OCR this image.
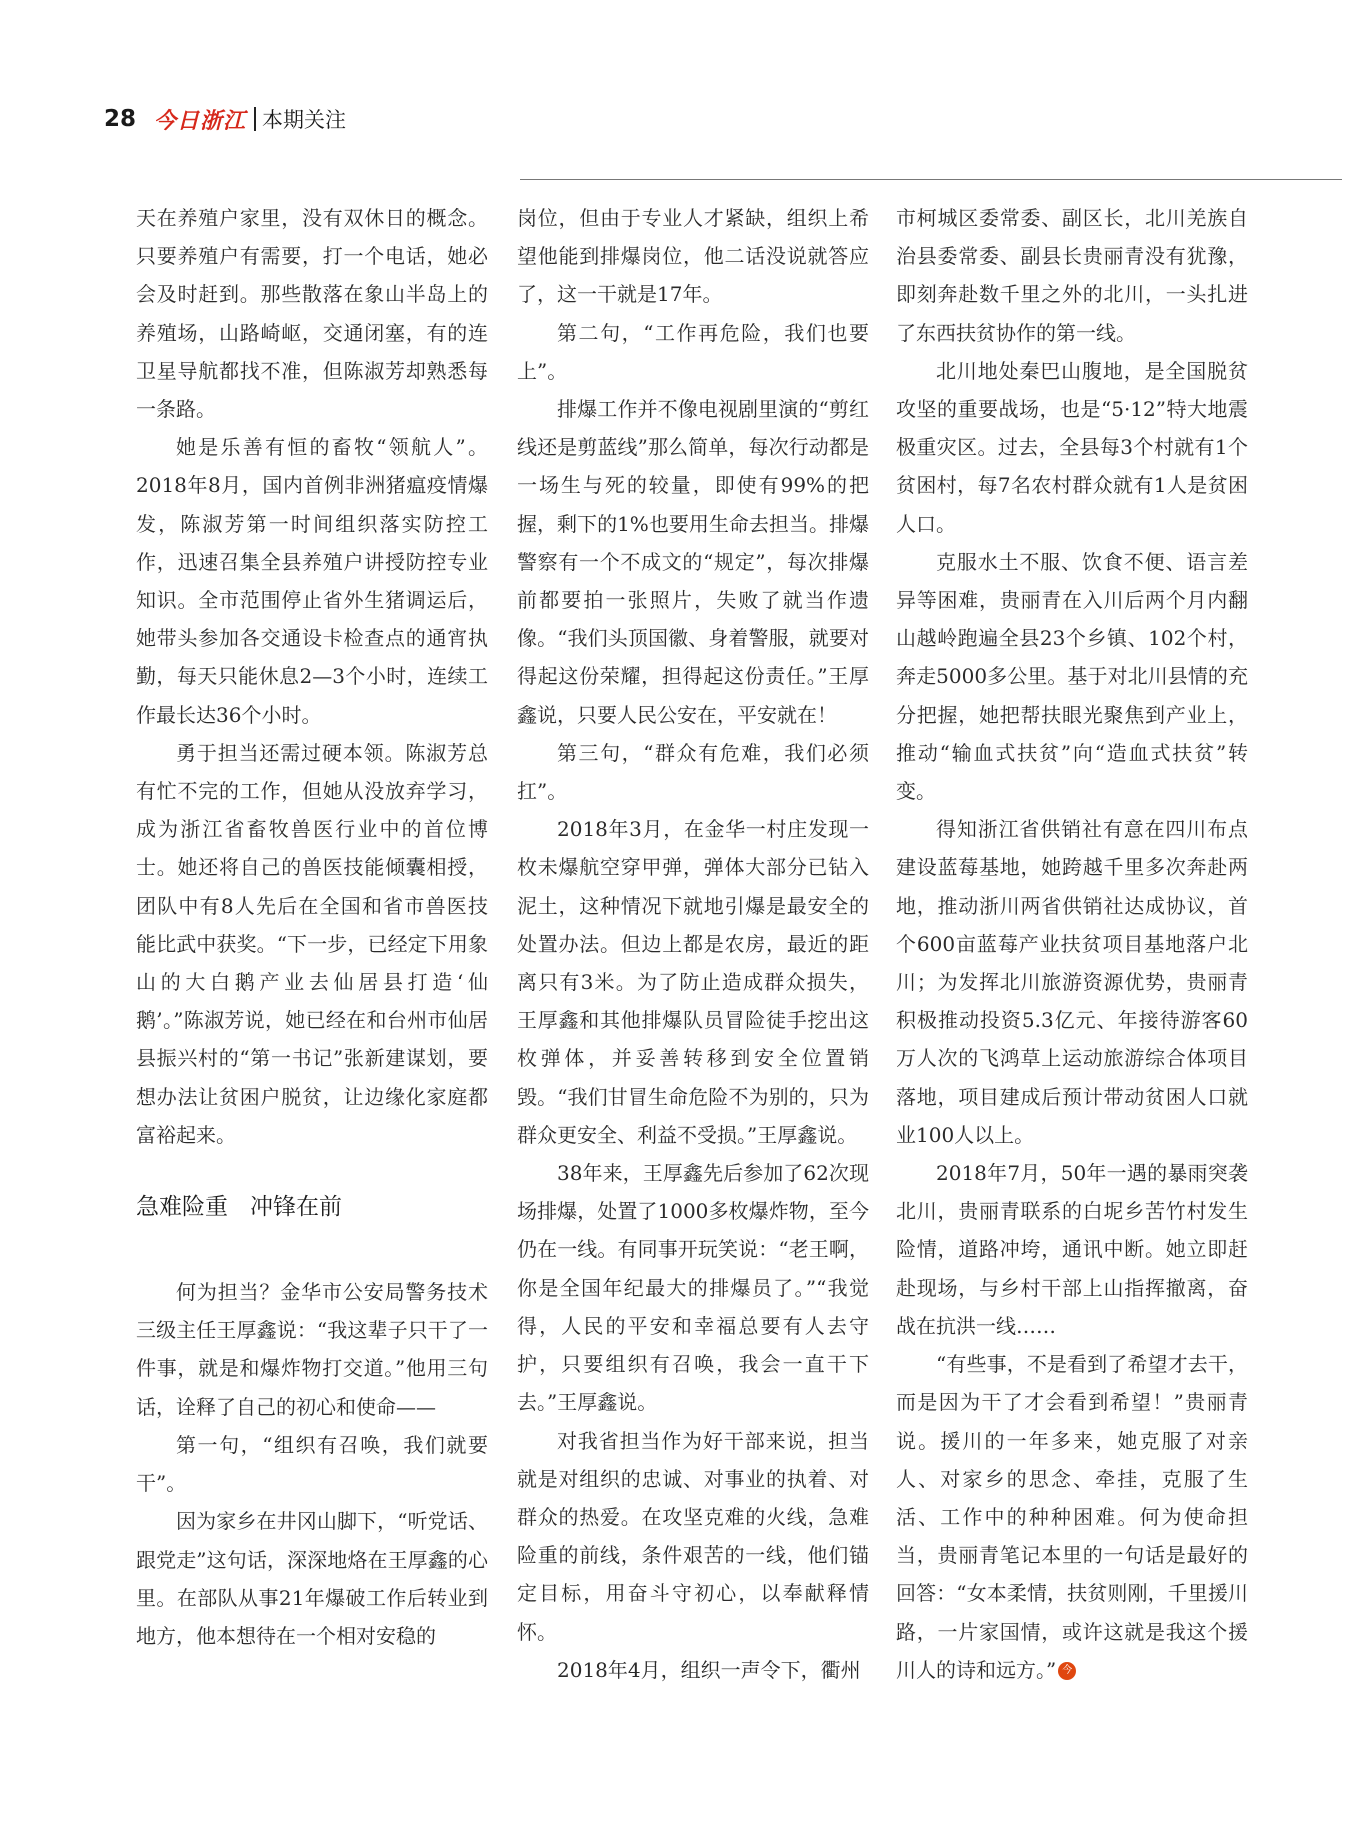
28 今日浙江 本期关注

天在养殖户家里，没有双休日的概念。只要养殖户有需要，打一个电话，她必会及时赶到。那些散落在象山半岛上的养殖场，山路崎岖，交通闭塞，有的连卫星导航都找不准，但陈淑芳却熟悉每一条路。

她是乐善有恒的畜牧“领航人”。2018年8月，国内首例非洲猪瘟疫情爆发，陈淑芳第一时间组织落实防控工作，迅速召集全县养殖户讲授防控专业知识。全市范围停止省外生猪调运后，她带头参加各交通设卡检查点的通宵执勤，每天只能休息2—3个小时，连续工作最长达36个小时。

勇于担当还需过硬本领。陈淑芳总有忙不完的工作，但她从没放弃学习，成为浙江省畜牧兽医行业中的首位博士。她还将自己的兽医技能倾囊相授，团队中有8人先后在全国和省市兽医技能比武中获奖。“下一步，已经定下用象山的大白鹅产业去仙居县打造‘仙鹅’。”陈淑芳说，她已经在和台州市仙居县振兴村的“第一书记”张新建谋划，要想办法让贫困户脱贫，让边缘化家庭都富裕起来。

急难险重 冲锋在前

何为担当？金华市公安局警务技术三级主任王厚鑫说：“我这辈子只干了一件事，就是和爆炸物打交道。”他用三句话，诠释了自己的初心和使命——

第一句，“组织有召唤，我们就要干”。

因为家乡在井冈山脚下，“听党话、跟党走”这句话，深深地烙在王厚鑫的心里。在部队从事21年爆破工作后转业到地方，他本想待在一个相对安稳的

岗位，但由于专业人才紧缺，组织上希望他能到排爆岗位，他二话没说就答应了，这一干就是17年。

第二句，“工作再危险，我们也要上”。

排爆工作并不像电视剧里演的“剪红线还是剪蓝线”那么简单，每次行动都是一场生与死的较量，即使有99%的把握，剩下的1%也要用生命去担当。排爆警察有一个不成文的“规定”，每次排爆前都要拍一张照片，失败了就当作遗像。“我们头顶国徽、身着警服，就要对得起这份荣耀，担得起这份责任。”王厚鑫说，只要人民公安在，平安就在！

第三句，“群众有危难，我们必须扛”。

2018年3月，在金华一村庄发现一枚未爆航空穿甲弹，弹体大部分已钻入泥土，这种情况下就地引爆是最安全的处置办法。但边上都是农房，最近的距离只有3米。为了防止造成群众损失，王厚鑫和其他排爆队员冒险徒手挖出这枚弹体，并妥善转移到安全位置销毁。“我们甘冒生命危险不为别的，只为群众更安全、利益不受损。”王厚鑫说。

38年来，王厚鑫先后参加了62次现场排爆，处置了1000多枚爆炸物，至今仍在一线。有同事开玩笑说：“老王啊，你是全国年纪最大的排爆员了。”“我觉得，人民的平安和幸福总要有人去守护，只要组织有召唤，我会一直干下去。”王厚鑫说。

对我省担当作为好干部来说，担当就是对组织的忠诚、对事业的执着、对群众的热爱。在攻坚克难的火线，急难险重的前线，条件艰苦的一线，他们锚定目标，用奋斗守初心，以奉献释情怀。

2018年4月，组织一声令下，衢州

市柯城区委常委、副区长，北川羌族自治县委常委、副县长贵丽青没有犹豫，即刻奔赴数千里之外的北川，一头扎进了东西扶贫协作的第一线。

北川地处秦巴山腹地，是全国脱贫攻坚的重要战场，也是“5·12”特大地震极重灾区。过去，全县每3个村就有1个贫困村，每7名农村群众就有1人是贫困人口。

克服水土不服、饮食不便、语言差异等困难，贵丽青在入川后两个月内翻山越岭跑遍全县23个乡镇、102个村，奔走5000多公里。基于对北川县情的充分把握，她把帮扶眼光聚焦到产业上，推动“输血式扶贫”向“造血式扶贫”转变。

得知浙江省供销社有意在四川布点建设蓝莓基地，她跨越千里多次奔赴两地，推动浙川两省供销社达成协议，首个600亩蓝莓产业扶贫项目基地落户北川；为发挥北川旅游资源优势，贵丽青积极推动投资5.3亿元、年接待游客60万人次的飞鸿草上运动旅游综合体项目落地，项目建成后预计带动贫困人口就业100人以上。

2018年7月，50年一遇的暴雨突袭北川，贵丽青联系的白坭乡苦竹村发生险情，道路冲垮，通讯中断。她立即赶赴现场，与乡村干部上山指挥撤离，奋战在抗洪一线……

“有些事，不是看到了希望才去干，而是因为干了才会看到希望！”贵丽青说。援川的一年多来，她克服了对亲人、对家乡的思念、牵挂，克服了生活、工作中的种种困难。何为使命担当，贵丽青笔记本里的一句话是最好的回答：“女本柔情，扶贫则刚，千里援川路，一片家国情，或许这就是我这个援川人的诗和远方。” 今
